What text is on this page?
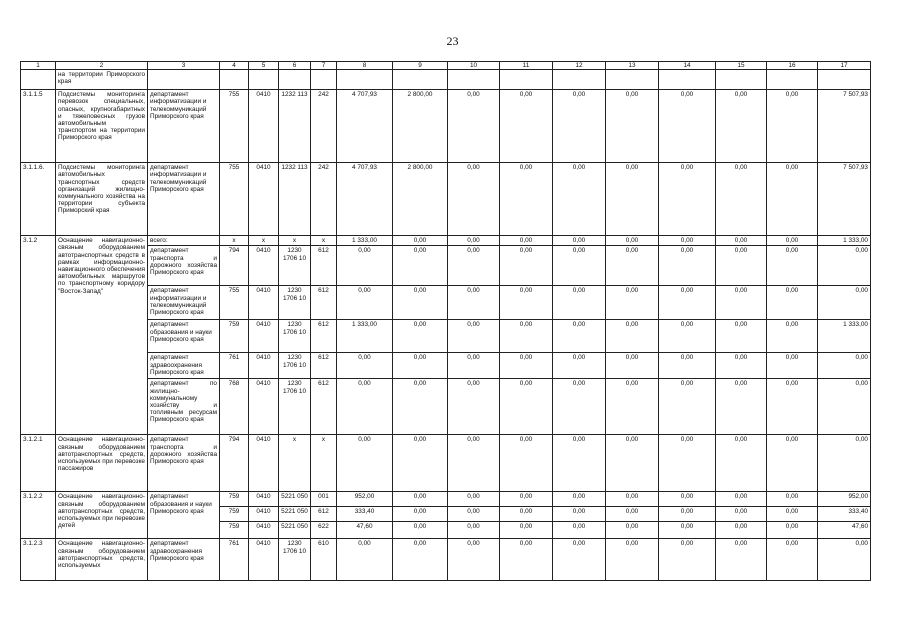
23
1	2	3	4	5	6	7	8	9	10	11	12	13	14	15	16	17
	на территории Приморского края															
3.1.1.5	Подсистемы мониторинга перевозок специальных, опасных, крупногабаритных и тяжеловесных грузов автомобильным транспортом на территории Приморского края	департамент информатизации и телекоммуникаций Приморского края	755	0410	1232 113	242	4 707,93	2 800,00	0,00	0,00	0,00	0,00	0,00	0,00	0,00	7 507,93
3.1.1.6.	Подсистемы мониторинга автомобильных транспортных средств организаций жилищно-коммунального хозяйства на территории субъекта Приморский края	департамент информатизации и телекоммуникаций Приморского края	755	0410	1232 113	242	4 707,93	2 800,00	0,00	0,00	0,00	0,00	0,00	0,00	0,00	7 507,93
3.1.2	Оснащение навигационно-связным оборудованием автотранспортных средств в рамках информационно-навигационного обеспечения автомобильных маршрутов по транспортному коридору "Восток-Запад"	всего:	x	x	x	x	1 333,00	0,00	0,00	0,00	0,00	0,00	0,00	0,00	0,00	1 333,00
		департамент транспорта и дорожного хозяйства Приморского края	794	0410	1230 1706 10	612	0,00	0,00	0,00	0,00	0,00	0,00	0,00	0,00	0,00	0,00
		департамент информатизации и телекоммуникаций Приморского края	755	0410	1230 1706 10	612	0,00	0,00	0,00	0,00	0,00	0,00	0,00	0,00	0,00	0,00
		департамент образования и науки Приморского края	759	0410	1230 1706 10	612	1 333,00	0,00	0,00	0,00	0,00	0,00	0,00	0,00	0,00	1 333,00
		департамент здравоохранения Приморского края	761	0410	1230 1706 10	612	0,00	0,00	0,00	0,00	0,00	0,00	0,00	0,00	0,00	0,00
		департамент по жилищно-коммунальному хозяйству и топливным ресурсам Приморского края	768	0410	1230 1706 10	612	0,00	0,00	0,00	0,00	0,00	0,00	0,00	0,00	0,00	0,00
3.1.2.1	Оснащение навигационно-связным оборудованием автотранспортных средств, используемых при перевозке пассажиров	департамент транспорта и дорожного хозяйства Приморского края	794	0410	x	x	0,00	0,00	0,00	0,00	0,00	0,00	0,00	0,00	0,00	0,00
3.1.2.2	Оснащение навигационно-связным оборудованием автотранспортных средств, используемых при перевозке детей	департамент образования и науки Приморского края	759	0410	5221 050	001	952,00	0,00	0,00	0,00	0,00	0,00	0,00	0,00	0,00	952,00
			759	0410	5221 050	612	333,40	0,00	0,00	0,00	0,00	0,00	0,00	0,00	0,00	333,40
			759	0410	5221 050	622	47,60	0,00	0,00	0,00	0,00	0,00	0,00	0,00	0,00	47,60
3.1.2.3	Оснащение навигационно-связным оборудованием автотранспортных средств, используемых	департамент здравоохранения Приморского края	761	0410	1230 1706 10	610	0,00	0,00	0,00	0,00	0,00	0,00	0,00	0,00	0,00	0,00
